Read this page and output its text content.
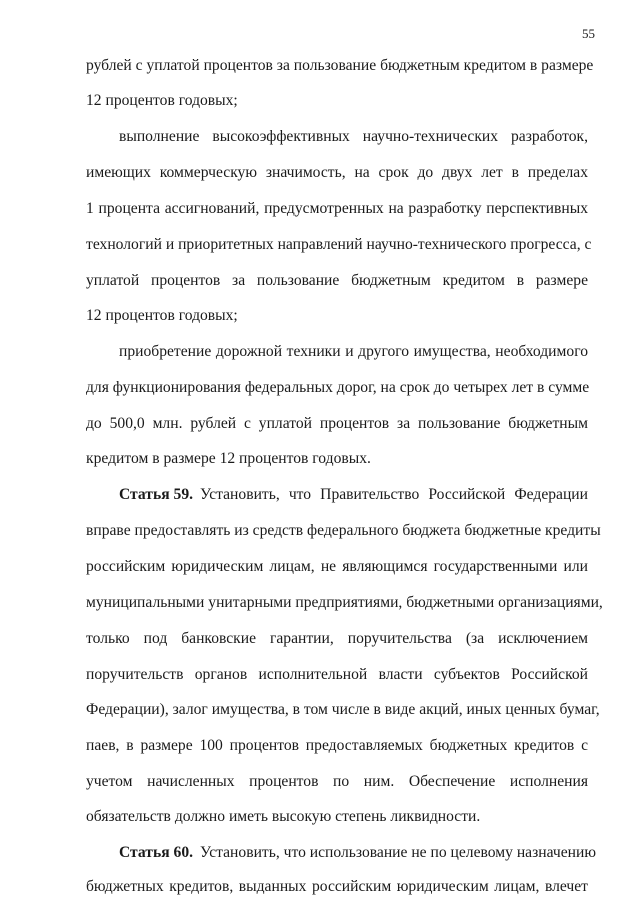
55
рублей с уплатой процентов за пользование бюджетным кредитом в размере
12 процентов годовых;
выполнение высокоэффективных научно-технических разработок,
имеющих коммерческую значимость, на срок до двух лет в пределах
1 процента ассигнований, предусмотренных на разработку перспективных
технологий и приоритетных направлений научно-технического прогресса, с
уплатой процентов за пользование бюджетным кредитом в размере
12 процентов годовых;
приобретение дорожной техники и другого имущества, необходимого
для функционирования федеральных дорог, на срок до четырех лет в сумме
до 500,0 млн. рублей с уплатой процентов за пользование бюджетным
кредитом в размере 12 процентов годовых.
Статья 59. Установить, что Правительство Российской Федерации
вправе предоставлять из средств федерального бюджета бюджетные кредиты
российским юридическим лицам, не являющимся государственными или
муниципальными унитарными предприятиями, бюджетными организациями,
только под банковские гарантии, поручительства (за исключением
поручительств органов исполнительной власти субъектов Российской
Федерации), залог имущества, в том числе в виде акций, иных ценных бумаг,
паев, в размере 100 процентов предоставляемых бюджетных кредитов с
учетом начисленных процентов по ним. Обеспечение исполнения
обязательств должно иметь высокую степень ликвидности.
Статья 60. Установить, что использование не по целевому назначению
бюджетных кредитов, выданных российским юридическим лицам, влечет
